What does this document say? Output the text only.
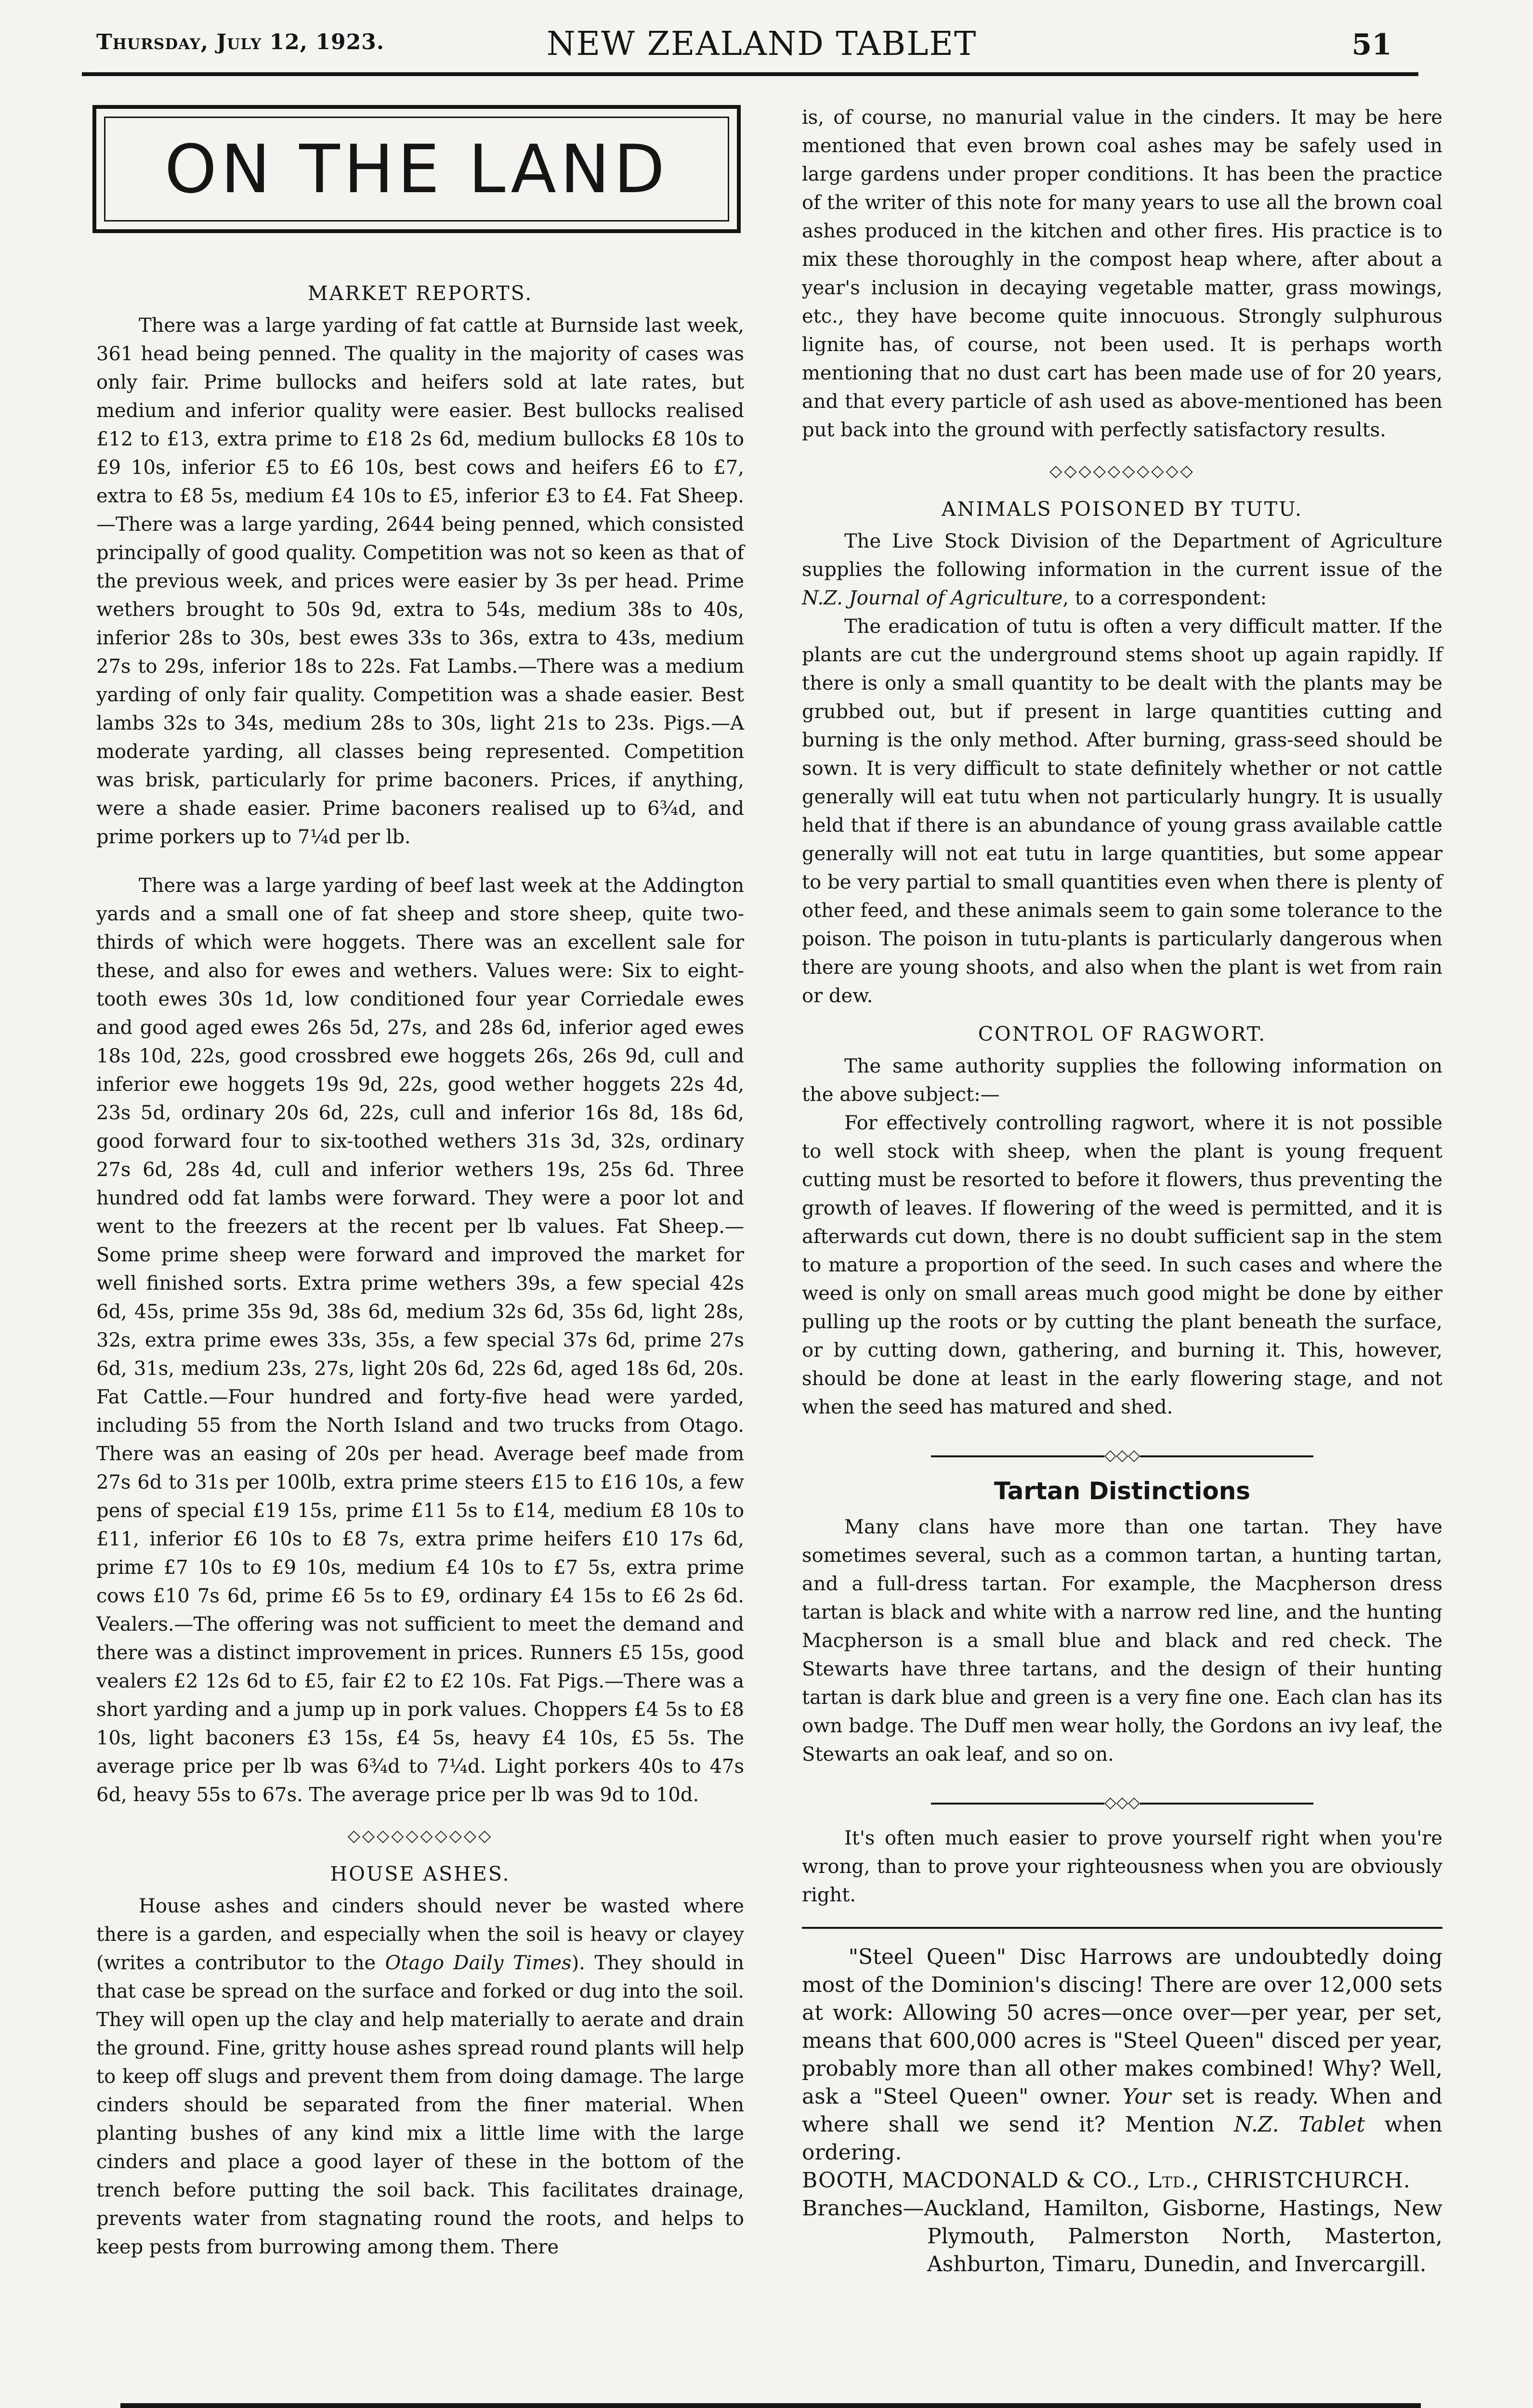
Thursday, July 12, 1923.	NEW ZEALAND TABLET	51
ON THE LAND
MARKET REPORTS.

There was a large yarding of fat cattle at Burnside last week, 361 head being penned. The quality in the majority of cases was only fair. Prime bullocks and heifers sold at late rates, but medium and inferior quality were easier. Best bullocks realised £12 to £13, extra prime to £18 2s 6d, medium bullocks £8 10s to £9 10s, inferior £5 to £6 10s, best cows and heifers £6 to £7, extra to £8 5s, medium £4 10s to £5, inferior £3 to £4. Fat Sheep.—There was a large yarding, 2644 being penned, which consisted principally of good quality. Competition was not so keen as that of the previous week, and prices were easier by 3s per head. Prime wethers brought to 50s 9d, extra to 54s, medium 38s to 40s, inferior 28s to 30s, best ewes 33s to 36s, extra to 43s, medium 27s to 29s, inferior 18s to 22s. Fat Lambs.—There was a medium yarding of only fair quality. Competition was a shade easier. Best lambs 32s to 34s, medium 28s to 30s, light 21s to 23s. Pigs.—A moderate yarding, all classes being represented. Competition was brisk, particularly for prime baconers. Prices, if anything, were a shade easier. Prime baconers realised up to 6¾d, and prime porkers up to 7¼d per lb.

There was a large yarding of beef last week at the Addington yards and a small one of fat sheep and store sheep, quite two-thirds of which were hoggets. There was an excellent sale for these, and also for ewes and wethers. Values were: Six to eight-tooth ewes 30s 1d, low conditioned four year Corriedale ewes and good aged ewes 26s 5d, 27s, and 28s 6d, inferior aged ewes 18s 10d, 22s, good crossbred ewe hoggets 26s, 26s 9d, cull and inferior ewe hoggets 19s 9d, 22s, good wether hoggets 22s 4d, 23s 5d, ordinary 20s 6d, 22s, cull and inferior 16s 8d, 18s 6d, good forward four to six-toothed wethers 31s 3d, 32s, ordinary 27s 6d, 28s 4d, cull and inferior wethers 19s, 25s 6d. Three hundred odd fat lambs were forward. They were a poor lot and went to the freezers at the recent per lb values. Fat Sheep.—Some prime sheep were forward and improved the market for well finished sorts. Extra prime wethers 39s, a few special 42s 6d, 45s, prime 35s 9d, 38s 6d, medium 32s 6d, 35s 6d, light 28s, 32s, extra prime ewes 33s, 35s, a few special 37s 6d, prime 27s 6d, 31s, medium 23s, 27s, light 20s 6d, 22s 6d, aged 18s 6d, 20s. Fat Cattle.—Four hundred and forty-five head were yarded, including 55 from the North Island and two trucks from Otago. There was an easing of 20s per head. Average beef made from 27s 6d to 31s per 100lb, extra prime steers £15 to £16 10s, a few pens of special £19 15s, prime £11 5s to £14, medium £8 10s to £11, inferior £6 10s to £8 7s, extra prime heifers £10 17s 6d, prime £7 10s to £9 10s, medium £4 10s to £7 5s, extra prime cows £10 7s 6d, prime £6 5s to £9, ordinary £4 15s to £6 2s 6d. Vealers.—The offering was not sufficient to meet the demand and there was a distinct improvement in prices. Runners £5 15s, good vealers £2 12s 6d to £5, fair £2 to £2 10s. Fat Pigs.—There was a short yarding and a jump up in pork values. Choppers £4 5s to £8 10s, light baconers £3 15s, £4 5s, heavy £4 10s, £5 5s. The average price per lb was 6¾d to 7¼d. Light porkers 40s to 47s 6d, heavy 55s to 67s. The average price per lb was 9d to 10d.

◇◇◇◇◇◇◇◇◇◇
HOUSE ASHES.

House ashes and cinders should never be wasted where there is a garden, and especially when the soil is heavy or clayey (writes a contributor to the Otago Daily Times). They should in that case be spread on the surface and forked or dug into the soil. They will open up the clay and help materially to aerate and drain the ground. Fine, gritty house ashes spread round plants will help to keep off slugs and prevent them from doing damage. The large cinders should be separated from the finer material. When planting bushes of any kind mix a little lime with the large cinders and place a good layer of these in the bottom of the trench before putting the soil back. This facilitates drainage, prevents water from stagnating round the roots, and helps to keep pests from burrowing among them. There

is, of course, no manurial value in the cinders. It may be here mentioned that even brown coal ashes may be safely used in large gardens under proper conditions. It has been the practice of the writer of this note for many years to use all the brown coal ashes produced in the kitchen and other fires. His practice is to mix these thoroughly in the compost heap where, after about a year's inclusion in decaying vegetable matter, grass mowings, etc., they have become quite innocuous. Strongly sulphurous lignite has, of course, not been used. It is perhaps worth mentioning that no dust cart has been made use of for 20 years, and that every particle of ash used as above-mentioned has been put back into the ground with perfectly satisfactory results.

◇◇◇◇◇◇◇◇◇◇
ANIMALS POISONED BY TUTU.

The Live Stock Division of the Department of Agriculture supplies the following information in the current issue of the N.Z. Journal of Agriculture, to a correspondent:

The eradication of tutu is often a very difficult matter. If the plants are cut the underground stems shoot up again rapidly. If there is only a small quantity to be dealt with the plants may be grubbed out, but if present in large quantities cutting and burning is the only method. After burning, grass-seed should be sown. It is very difficult to state definitely whether or not cattle generally will eat tutu when not particularly hungry. It is usually held that if there is an abundance of young grass available cattle generally will not eat tutu in large quantities, but some appear to be very partial to small quantities even when there is plenty of other feed, and these animals seem to gain some tolerance to the poison. The poison in tutu-plants is particularly dangerous when there are young shoots, and also when the plant is wet from rain or dew.

CONTROL OF RAGWORT.

The same authority supplies the following information on the above subject:—

For effectively controlling ragwort, where it is not possible to well stock with sheep, when the plant is young frequent cutting must be resorted to before it flowers, thus preventing the growth of leaves. If flowering of the weed is permitted, and it is afterwards cut down, there is no doubt sufficient sap in the stem to mature a proportion of the seed. In such cases and where the weed is only on small areas much good might be done by either pulling up the roots or by cutting the plant beneath the surface, or by cutting down, gathering, and burning it. This, however, should be done at least in the early flowering stage, and not when the seed has matured and shed.

◇◇◇
Tartan Distinctions

Many clans have more than one tartan. They have sometimes several, such as a common tartan, a hunting tartan, and a full-dress tartan. For example, the Macpherson dress tartan is black and white with a narrow red line, and the hunting Macpherson is a small blue and black and red check. The Stewarts have three tartans, and the design of their hunting tartan is dark blue and green is a very fine one. Each clan has its own badge. The Duff men wear holly, the Gordons an ivy leaf, the Stewarts an oak leaf, and so on.

◇◇◇

It's often much easier to prove yourself right when you're wrong, than to prove your righteousness when you are obviously right.

"Steel Queen" Disc Harrows are undoubtedly doing most of the Dominion's discing! There are over 12,000 sets at work: Allowing 50 acres—once over—per year, per set, means that 600,000 acres is "Steel Queen" disced per year, probably more than all other makes combined! Why? Well, ask a "Steel Queen" owner. Your set is ready. When and where shall we send it? Mention N.Z. Tablet when ordering.

BOOTH, MACDONALD & CO., Ltd., CHRISTCHURCH.

Branches—Auckland, Hamilton, Gisborne, Hastings, New Plymouth, Palmerston North, Masterton, Ashburton, Timaru, Dunedin, and Invercargill.
